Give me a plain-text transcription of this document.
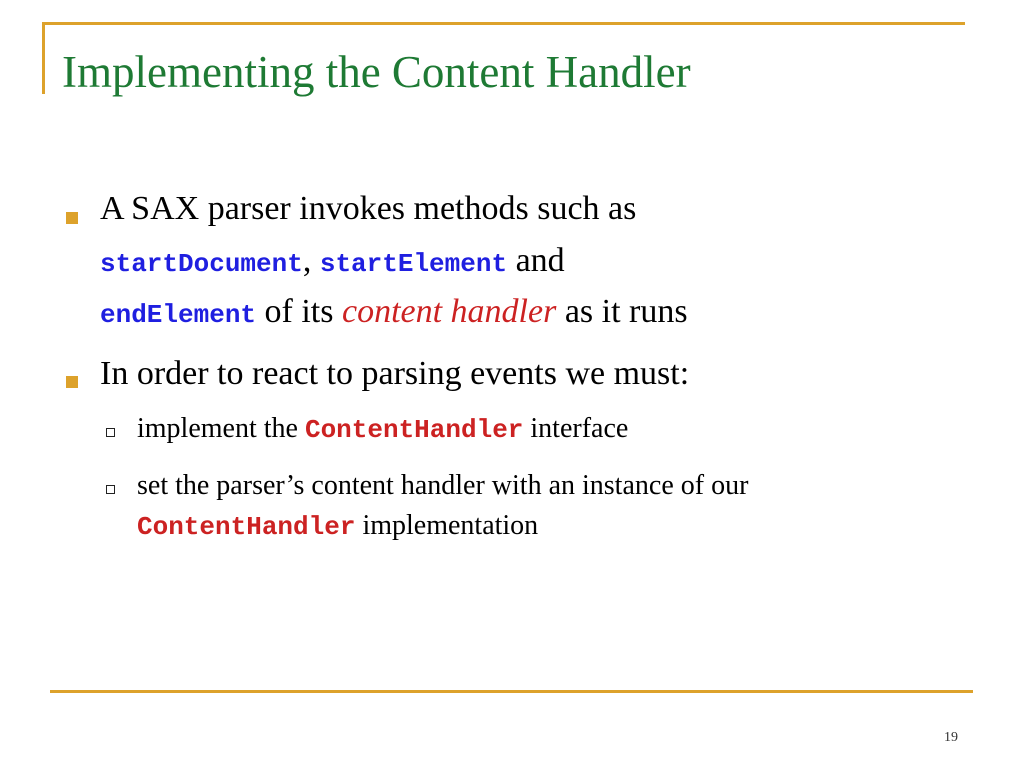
Implementing the Content Handler
A SAX parser invokes methods such as
startDocument, startElement and
endElement of its content handler as it runs
In order to react to parsing events we must:
implement the ContentHandler interface
set the parser’s content handler with an instance of our
ContentHandler implementation
19
